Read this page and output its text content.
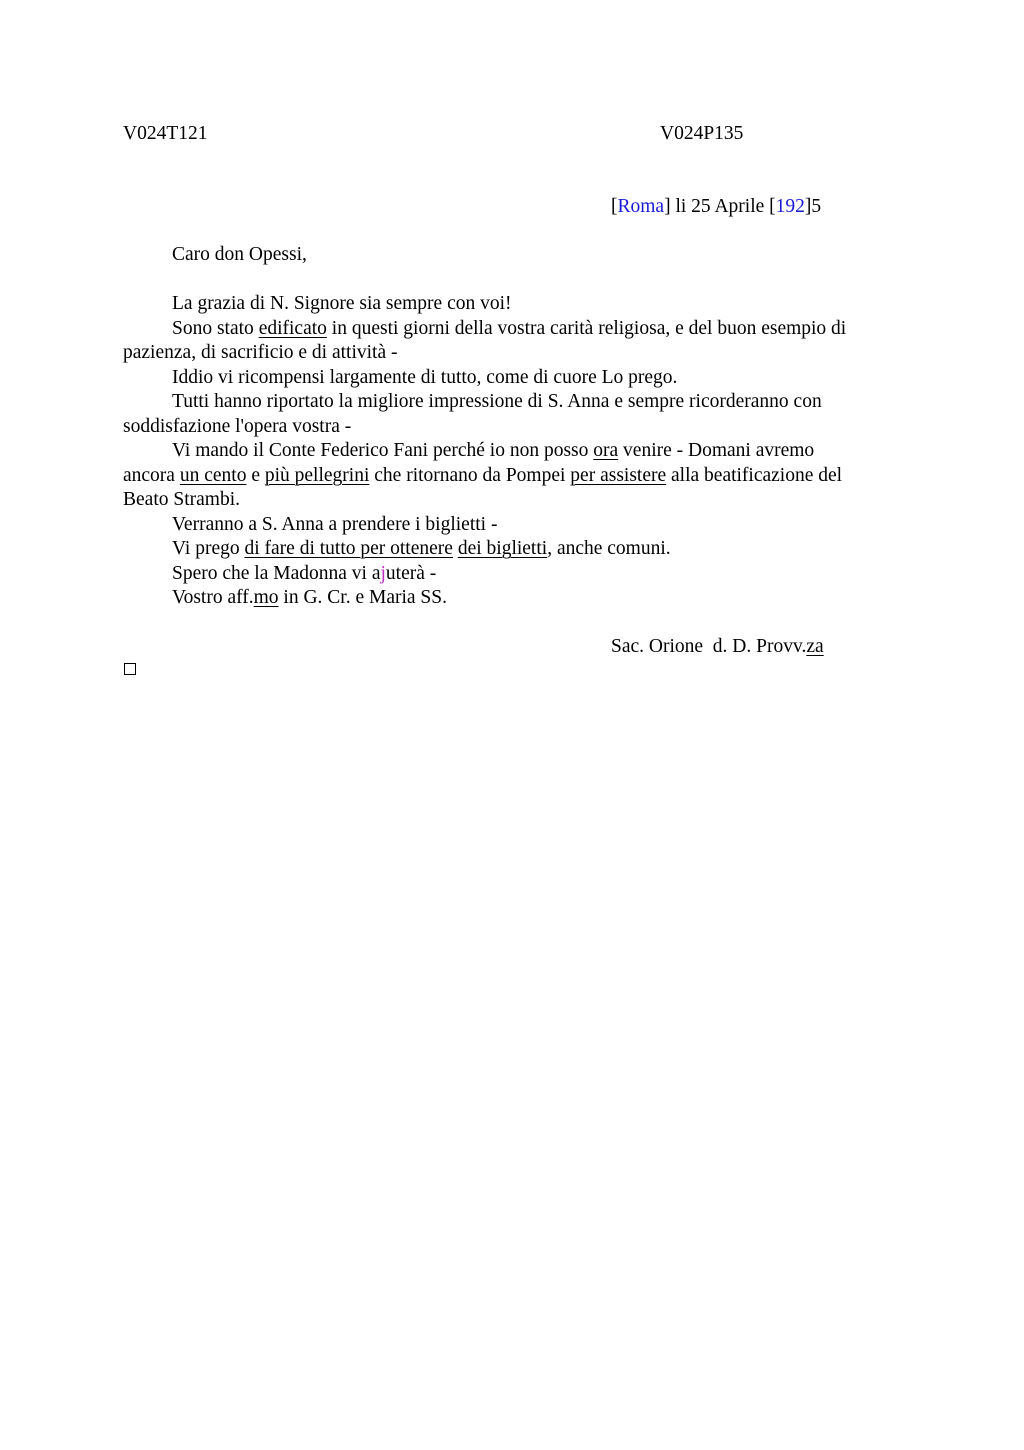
V024T121	V024P135
[Roma] li 25 Aprile [192]5

Caro don Opessi,

La grazia di N. Signore sia sempre con voi!

Sono stato edificato in questi giorni della vostra carità religiosa, e del buon esempio di pazienza, di sacrificio e di attività -

Iddio vi ricompensi largamente di tutto, come di cuore Lo prego.

Tutti hanno riportato la migliore impressione di S. Anna e sempre ricorderanno con soddisfazione l'opera vostra -

Vi mando il Conte Federico Fani perché io non posso ora venire - Domani avremo ancora un cento e più pellegrini che ritornano da Pompei per assistere alla beatificazione del Beato Strambi.

Verranno a S. Anna a prendere i biglietti -

Vi prego di fare di tutto per ottenere dei biglietti, anche comuni.

Spero che la Madonna vi ajuterà -

Vostro aff.mo in G. Cr. e Maria SS.

Sac. Orione  d. D. Provv.za
